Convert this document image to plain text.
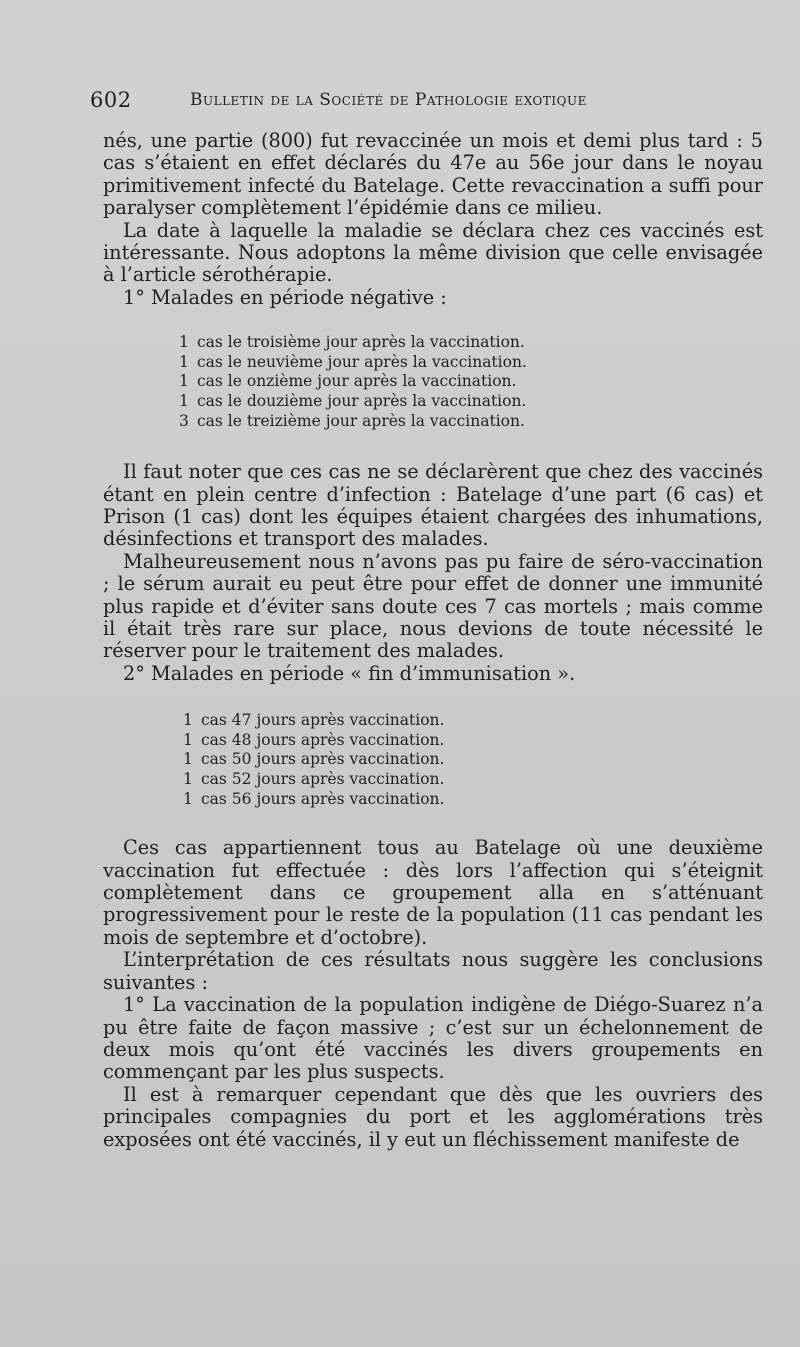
602	Bulletin de la Société de Pathologie exotique

nés, une partie (800) fut revaccinée un mois et demi plus tard : 5 cas s’étaient en effet déclarés du 47e au 56e jour dans le noyau primitivement infecté du Batelage. Cette revaccination a suffi pour paralyser complètement l’épidémie dans ce milieu.

La date à laquelle la maladie se déclara chez ces vaccinés est intéressante. Nous adoptons la même division que celle envisagée à l’article sérothérapie.

1° Malades en période négative :

1 cas le troisième jour après la vaccination.
1 cas le neuvième jour après la vaccination.
1 cas le onzième jour après la vaccination.
1 cas le douzième jour après la vaccination.
3 cas le treizième jour après la vaccination.

Il faut noter que ces cas ne se déclarèrent que chez des vaccinés étant en plein centre d’infection : Batelage d’une part (6 cas) et Prison (1 cas) dont les équipes étaient chargées des inhumations, désinfections et transport des malades.

Malheureusement nous n’avons pas pu faire de séro-vaccination ; le sérum aurait eu peut être pour effet de donner une immunité plus rapide et d’éviter sans doute ces 7 cas mortels ; mais comme il était très rare sur place, nous devions de toute nécessité le réserver pour le traitement des malades.

2° Malades en période « fin d’immunisation ».

1 cas 47 jours après vaccination.
1 cas 48 jours après vaccination.
1 cas 50 jours après vaccination.
1 cas 52 jours après vaccination.
1 cas 56 jours après vaccination.

Ces cas appartiennent tous au Batelage où une deuxième vaccination fut effectuée : dès lors l’affection qui s’éteignit complètement dans ce groupement alla en s’atténuant progressivement pour le reste de la population (11 cas pendant les mois de septembre et d’octobre).

L’interprétation de ces résultats nous suggère les conclusions suivantes :

1° La vaccination de la population indigène de Diégo-Suarez n’a pu être faite de façon massive ; c’est sur un échelonnement de deux mois qu’ont été vaccinés les divers groupements en commençant par les plus suspects.

Il est à remarquer cependant que dès que les ouvriers des principales compagnies du port et les agglomérations très exposées ont été vaccinés, il y eut un fléchissement manifeste de
